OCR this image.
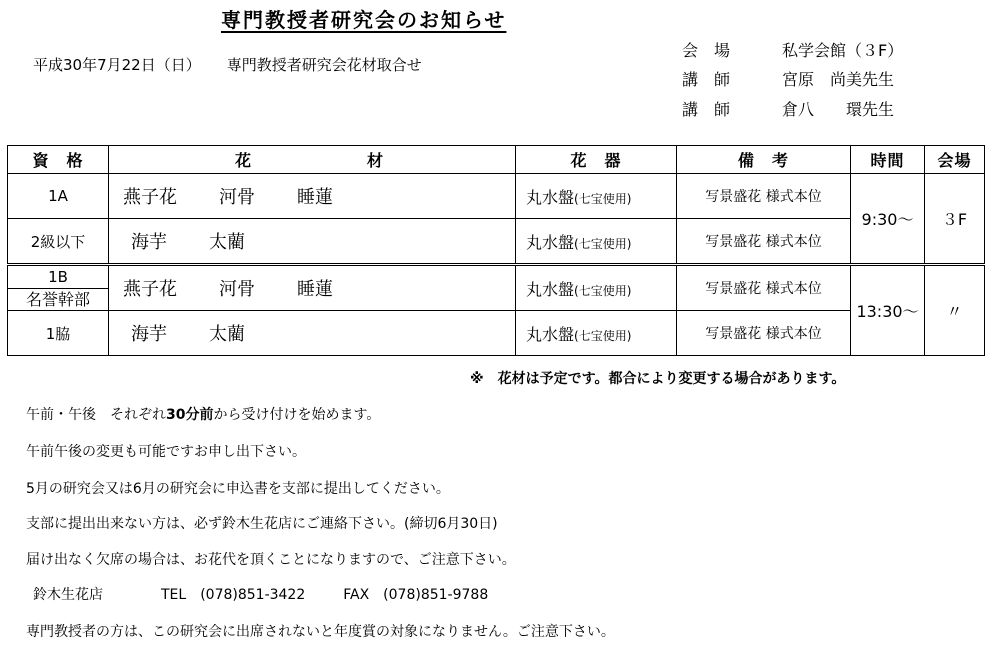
専門教授者研究会のお知らせ
平成30年7月22日（日） 専門教授者研究会花材取合せ
会　場	私学会館（３F）
講　師	宮原　尚美 先生
講　師	倉八　　環 先生
資　格	花　　　　　材	花　器	備　考	時間	会場
1A	燕子花 河骨 睡蓮	丸水盤(七宝使用)	写景盛花 様式本位	9:30〜	３F
2級以下	海芋 太藺	丸水盤(七宝使用)	写景盛花 様式本位		

1B
名誉幹部	燕子花 河骨 睡蓮	丸水盤(七宝使用)	写景盛花 様式本位	13:30〜	〃
1脇	海芋 太藺	丸水盤(七宝使用)	写景盛花 様式本位		
※　花材は予定です。都合により変更する場合があります。
午前・午後　それぞれ30分前から受け付けを始めます。
午前午後の変更も可能ですお申し出下さい。
5月の研究会又は6月の研究会に申込書を支部に提出してください。
支部に提出出来ない方は、必ず鈴木生花店にご連絡下さい。(締切6月30日)
届け出なく欠席の場合は、お花代を頂くことになりますので、ご注意下さい。
鈴木生花店	TEL　(078)851-3422	FAX　(078)851-9788
専門教授者の方は、この研究会に出席されないと年度賞の対象になりません。ご注意下さい。
